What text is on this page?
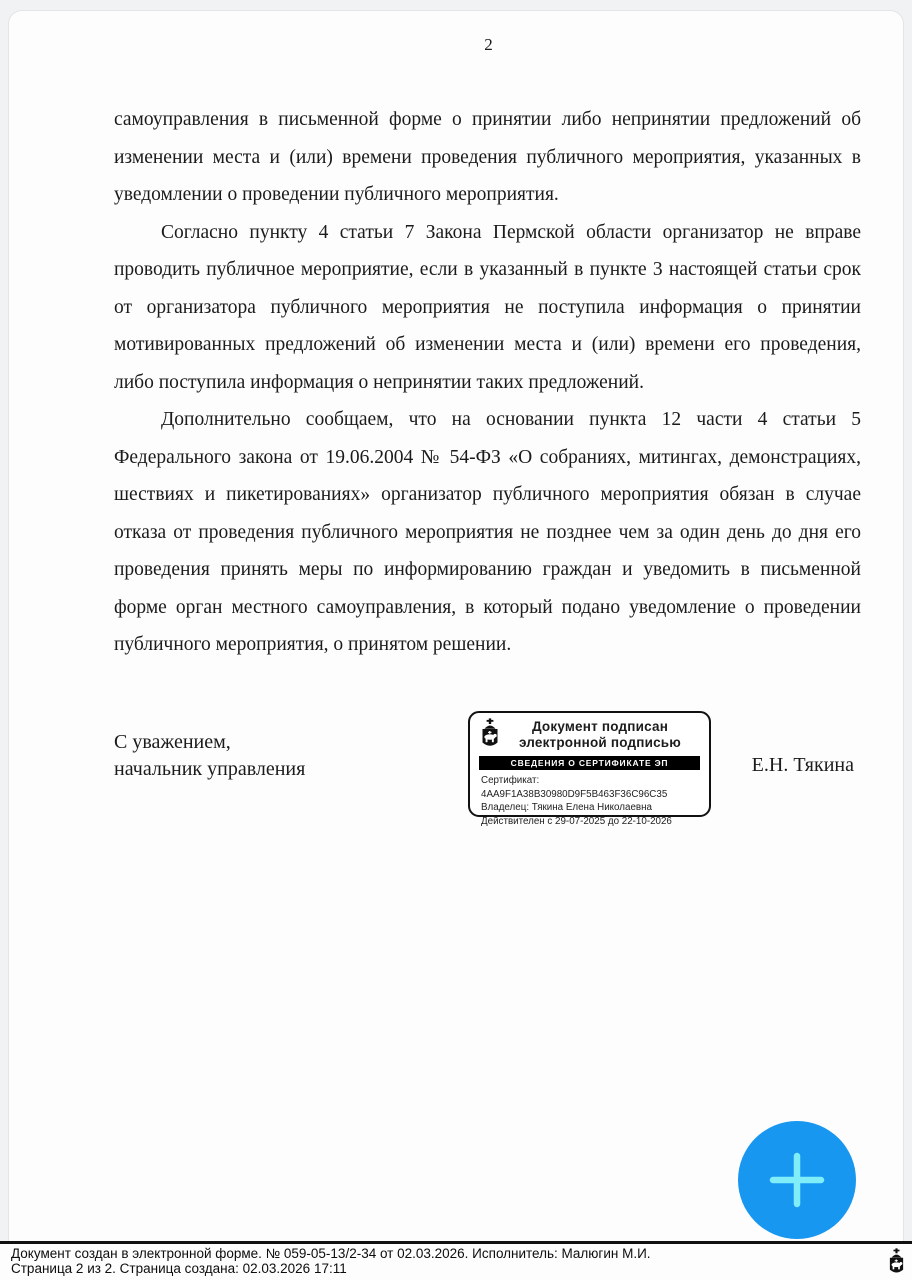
2

самоуправления в письменной форме о принятии либо непринятии предложений об изменении места и (или) времени проведения публичного мероприятия, указанных в уведомлении о проведении публичного мероприятия.

Согласно пункту 4 статьи 7 Закона Пермской области организатор не вправе проводить публичное мероприятие, если в указанный в пункте 3 настоящей статьи срок от организатора публичного мероприятия не поступила информация о принятии мотивированных предложений об изменении места и (или) времени его проведения, либо поступила информация о непринятии таких предложений.

Дополнительно сообщаем, что на основании пункта 12 части 4 статьи 5 Федерального закона от 19.06.2004 № 54-ФЗ «О собраниях, митингах, демонстрациях, шествиях и пикетированиях» организатор публичного мероприятия обязан в случае отказа от проведения публичного мероприятия не позднее чем за один день до дня его проведения принять меры по информированию граждан и уведомить в письменной форме орган местного самоуправления, в который подано уведомление о проведении публичного мероприятия, о принятом решении.

С уважением,
начальник управления
Документ подписан
электронной подписью
СВЕДЕНИЯ О СЕРТИФИКАТЕ ЭП
Сертификат: 4AA9F1A38B30980D9F5B463F36C96C35
Владелец: Тякина Елена Николаевна
Действителен с 29-07-2025 до 22-10-2026
Е.Н. Тякина
Документ создан в электронной форме. № 059-05-13/2-34 от 02.03.2026. Исполнитель: Малюгин М.И.
Страница 2 из 2. Страница создана: 02.03.2026 17:11
